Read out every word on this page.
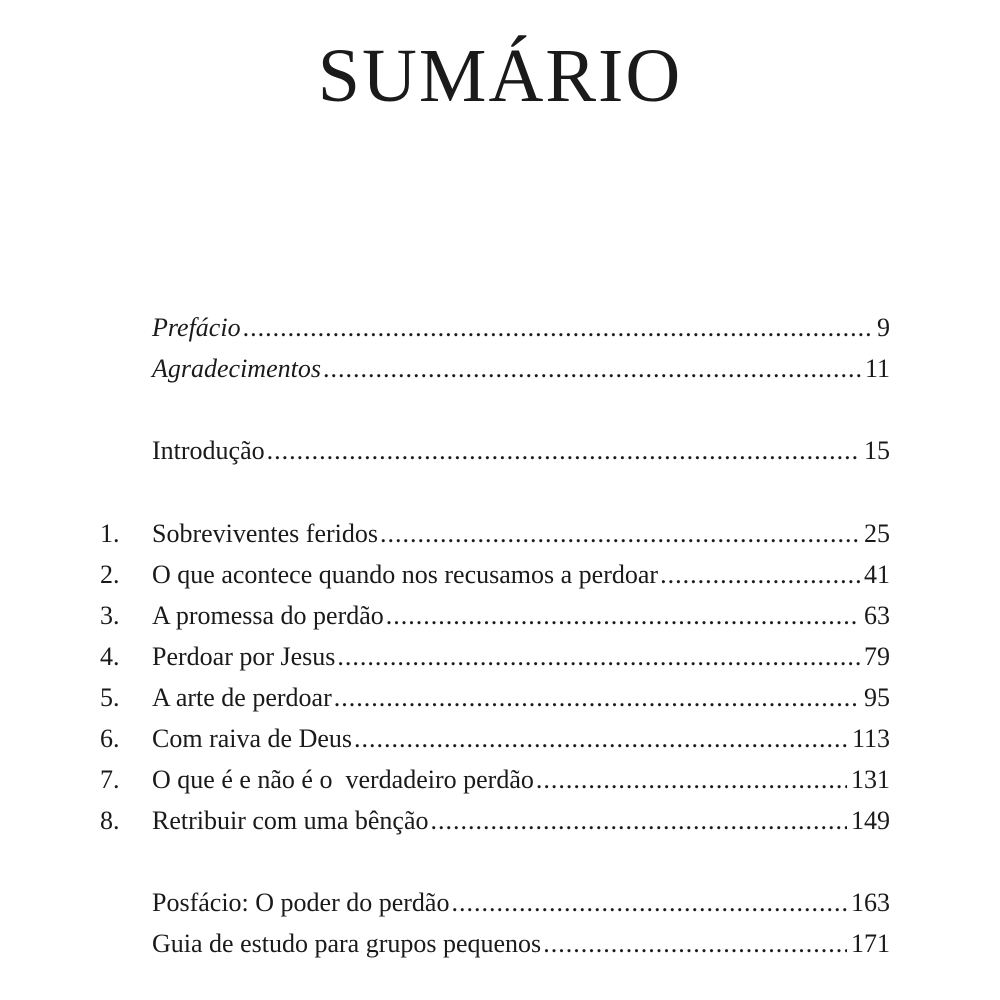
SUMÁRIO
Prefácio .....	9
Agradecimentos .....	11
Introdução .....	15
1.	Sobreviventes feridos .....	25
2.	O que acontece quando nos recusamos a perdoar .....	41
3.	A promessa do perdão .....	63
4.	Perdoar por Jesus .....	79
5.	A arte de perdoar .....	95
6.	Com raiva de Deus .....	113
7.	O que é e não é o  verdadeiro perdão .....	131
8.	Retribuir com uma bênção .....	149
Posfácio: O poder do perdão .....	163
Guia de estudo para grupos pequenos .....	171
